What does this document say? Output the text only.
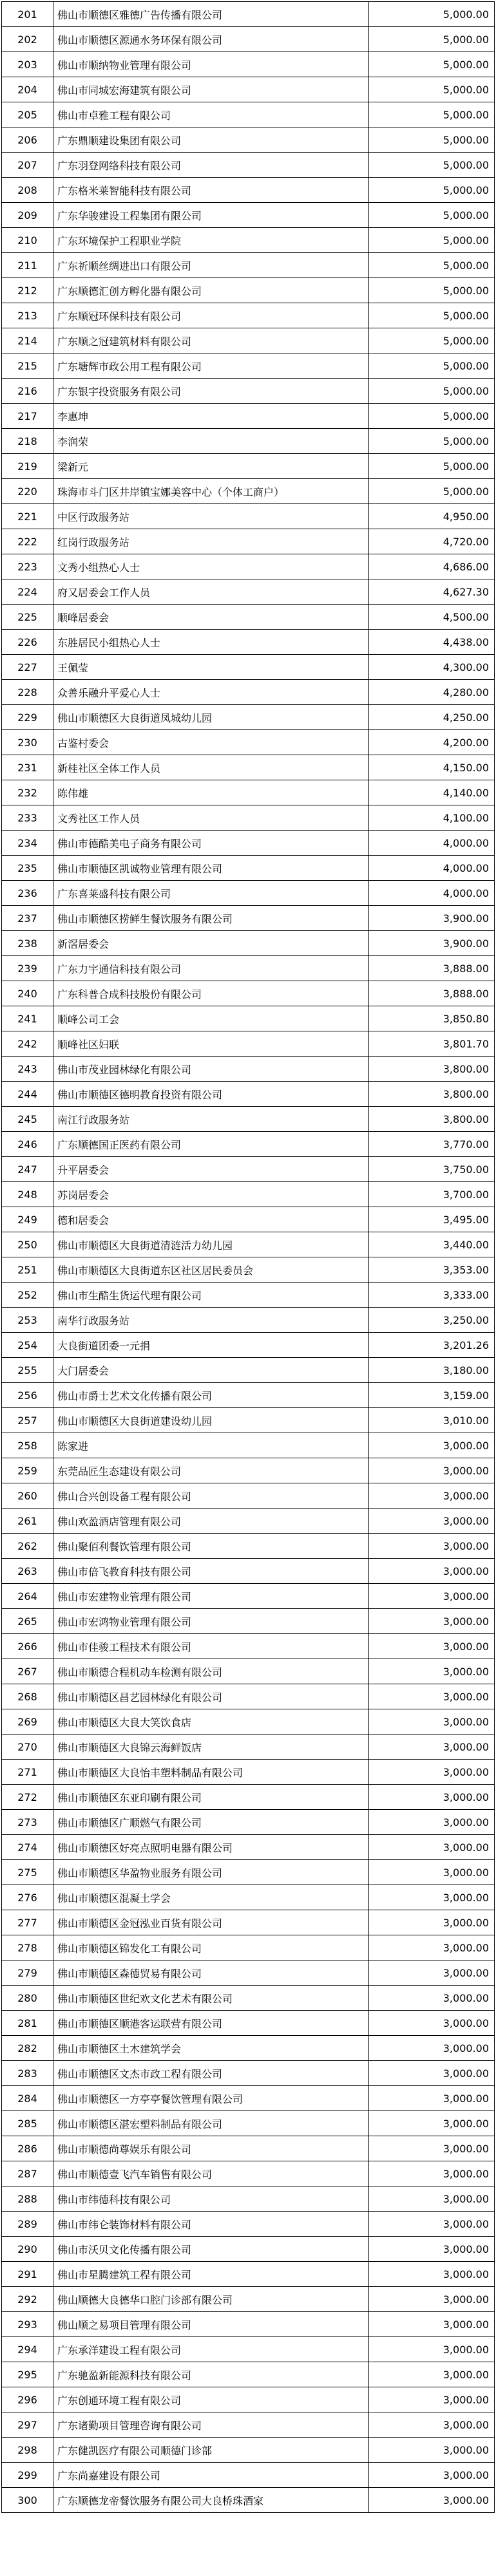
201	佛山市顺德区雅德广告传播有限公司	5,000.00
202	佛山市顺德区源通水务环保有限公司	5,000.00
203	佛山市顺纳物业管理有限公司	5,000.00
204	佛山市同城宏海建筑有限公司	5,000.00
205	佛山市卓雅工程有限公司	5,000.00
206	广东鼎顺建设集团有限公司	5,000.00
207	广东羽登网络科技有限公司	5,000.00
208	广东格米莱智能科技有限公司	5,000.00
209	广东华骏建设工程集团有限公司	5,000.00
210	广东环境保护工程职业学院	5,000.00
211	广东祈顺丝绸进出口有限公司	5,000.00
212	广东顺德汇创方孵化器有限公司	5,000.00
213	广东顺冠环保科技有限公司	5,000.00
214	广东顺之冠建筑材料有限公司	5,000.00
215	广东塘辉市政公用工程有限公司	5,000.00
216	广东银宇投资服务有限公司	5,000.00
217	李惠坤	5,000.00
218	李润荣	5,000.00
219	梁新元	5,000.00
220	珠海市斗门区井岸镇宝娜美容中心（个体工商户）	5,000.00
221	中区行政服务站	4,950.00
222	红岗行政服务站	4,720.00
223	文秀小组热心人士	4,686.00
224	府又居委会工作人员	4,627.30
225	顺峰居委会	4,500.00
226	东胜居民小组热心人士	4,438.00
227	王佩莹	4,300.00
228	众善乐融升平爱心人士	4,280.00
229	佛山市顺德区大良街道凤城幼儿园	4,250.00
230	古鉴村委会	4,200.00
231	新桂社区全体工作人员	4,150.00
232	陈伟雄	4,140.00
233	文秀社区工作人员	4,100.00
234	佛山市德酷美电子商务有限公司	4,000.00
235	佛山市顺德区凯诚物业管理有限公司	4,000.00
236	广东喜莱盛科技有限公司	4,000.00
237	佛山市顺德区捞鲜生餐饮服务有限公司	3,900.00
238	新滘居委会	3,900.00
239	广东力宇通信科技有限公司	3,888.00
240	广东科普合成科技股份有限公司	3,888.00
241	顺峰公司工会	3,850.80
242	顺峰社区妇联	3,801.70
243	佛山市茂业园林绿化有限公司	3,800.00
244	佛山市顺德区德明教育投资有限公司	3,800.00
245	南江行政服务站	3,800.00
246	广东顺德国正医药有限公司	3,770.00
247	升平居委会	3,750.00
248	苏岗居委会	3,700.00
249	德和居委会	3,495.00
250	佛山市顺德区大良街道清涟活力幼儿园	3,440.00
251	佛山市顺德区大良街道东区社区居民委员会	3,353.00
252	佛山市生酷生货运代理有限公司	3,333.00
253	南华行政服务站	3,250.00
254	大良街道团委一元捐	3,201.26
255	大门居委会	3,180.00
256	佛山市爵士艺术文化传播有限公司	3,159.00
257	佛山市顺德区大良街道建设幼儿园	3,010.00
258	陈家进	3,000.00
259	东莞品匠生态建设有限公司	3,000.00
260	佛山合兴创设备工程有限公司	3,000.00
261	佛山欢盈酒店管理有限公司	3,000.00
262	佛山聚佰利餐饮管理有限公司	3,000.00
263	佛山市倍飞教育科技有限公司	3,000.00
264	佛山市宏建物业管理有限公司	3,000.00
265	佛山市宏鸿物业管理有限公司	3,000.00
266	佛山市佳骏工程技术有限公司	3,000.00
267	佛山市顺德合程机动车检测有限公司	3,000.00
268	佛山市顺德区昌艺园林绿化有限公司	3,000.00
269	佛山市顺德区大良大笑饮食店	3,000.00
270	佛山市顺德区大良锦云海鲜饭店	3,000.00
271	佛山市顺德区大良怡丰塑料制品有限公司	3,000.00
272	佛山市顺德区东亚印刷有限公司	3,000.00
273	佛山市顺德区广顺燃气有限公司	3,000.00
274	佛山市顺德区好亮点照明电器有限公司	3,000.00
275	佛山市顺德区华盈物业服务有限公司	3,000.00
276	佛山市顺德区混凝土学会	3,000.00
277	佛山市顺德区金冠泓业百货有限公司	3,000.00
278	佛山市顺德区锦发化工有限公司	3,000.00
279	佛山市顺德区森德贸易有限公司	3,000.00
280	佛山市顺德区世纪欢文化艺术有限公司	3,000.00
281	佛山市顺德区顺港客运联营有限公司	3,000.00
282	佛山市顺德区土木建筑学会	3,000.00
283	佛山市顺德区文杰市政工程有限公司	3,000.00
284	佛山市顺德区一方亭亭餐饮管理有限公司	3,000.00
285	佛山市顺德区湛宏塑料制品有限公司	3,000.00
286	佛山市顺德尚尊娱乐有限公司	3,000.00
287	佛山市顺德壹飞汽车销售有限公司	3,000.00
288	佛山市纬德科技有限公司	3,000.00
289	佛山市纬仑装饰材料有限公司	3,000.00
290	佛山市沃贝文化传播有限公司	3,000.00
291	佛山市星腾建筑工程有限公司	3,000.00
292	佛山顺德大良德华口腔门诊部有限公司	3,000.00
293	佛山顺之易项目管理有限公司	3,000.00
294	广东承洋建设工程有限公司	3,000.00
295	广东驰盈新能源科技有限公司	3,000.00
296	广东创通环境工程有限公司	3,000.00
297	广东诸勤项目管理咨询有限公司	3,000.00
298	广东健凯医疗有限公司顺德门诊部	3,000.00
299	广东尚嘉建设有限公司	3,000.00
300	广东顺德龙帝餐饮服务有限公司大良桥珠酒家	3,000.00
